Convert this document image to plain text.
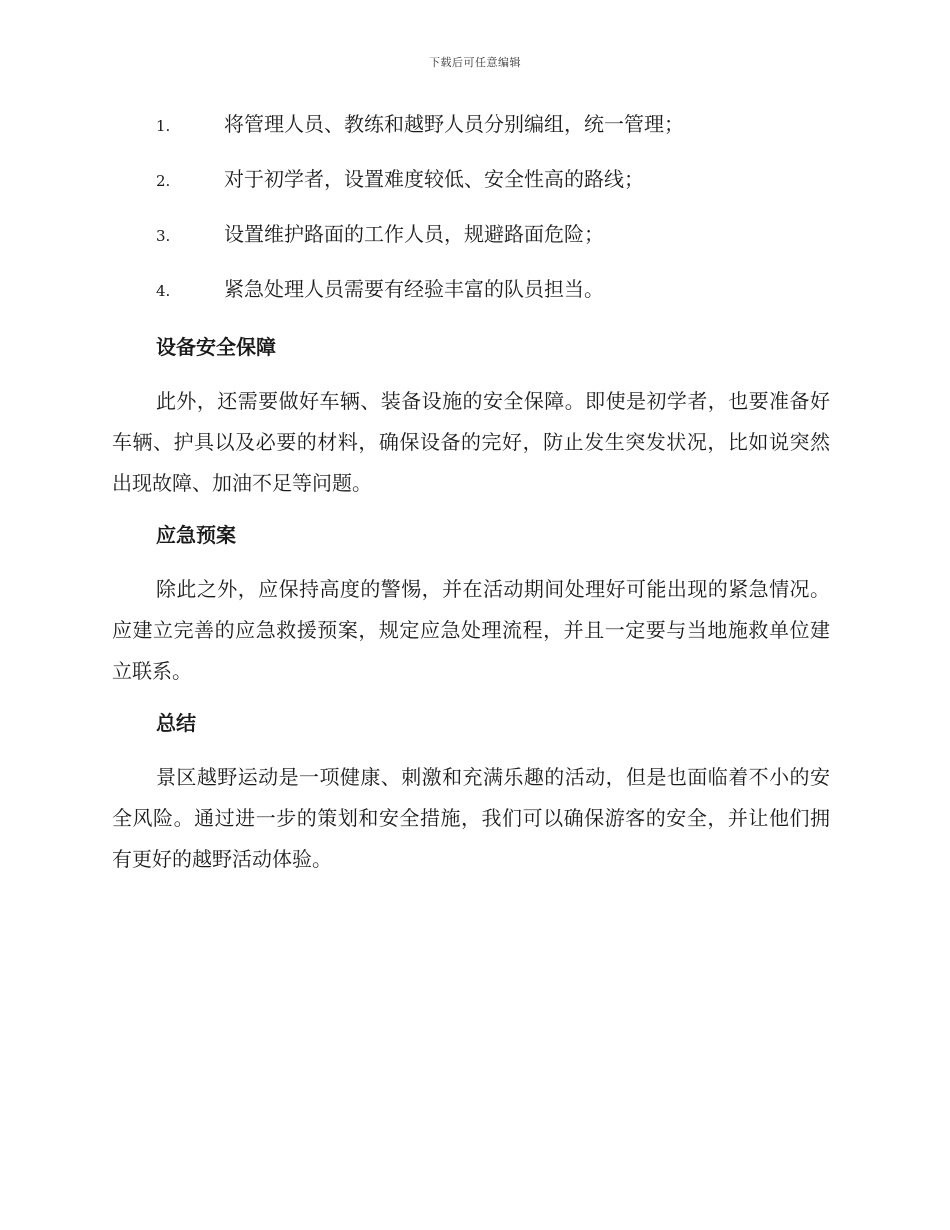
下载后可任意编辑
1.	将管理人员、教练和越野人员分别编组，统一管理；
2.	对于初学者，设置难度较低、安全性高的路线；
3.	设置维护路面的工作人员，规避路面危险；
4.	紧急处理人员需要有经验丰富的队员担当。
设备安全保障

此外，还需要做好车辆、装备设施的安全保障。即使是初学者，也要准备好车辆、护具以及必要的材料，确保设备的完好，防止发生突发状况，比如说突然出现故障、加油不足等问题。

应急预案

除此之外，应保持高度的警惕，并在活动期间处理好可能出现的紧急情况。应建立完善的应急救援预案，规定应急处理流程，并且一定要与当地施救单位建立联系。

总结

景区越野运动是一项健康、刺激和充满乐趣的活动，但是也面临着不小的安全风险。通过进一步的策划和安全措施，我们可以确保游客的安全，并让他们拥有更好的越野活动体验。
